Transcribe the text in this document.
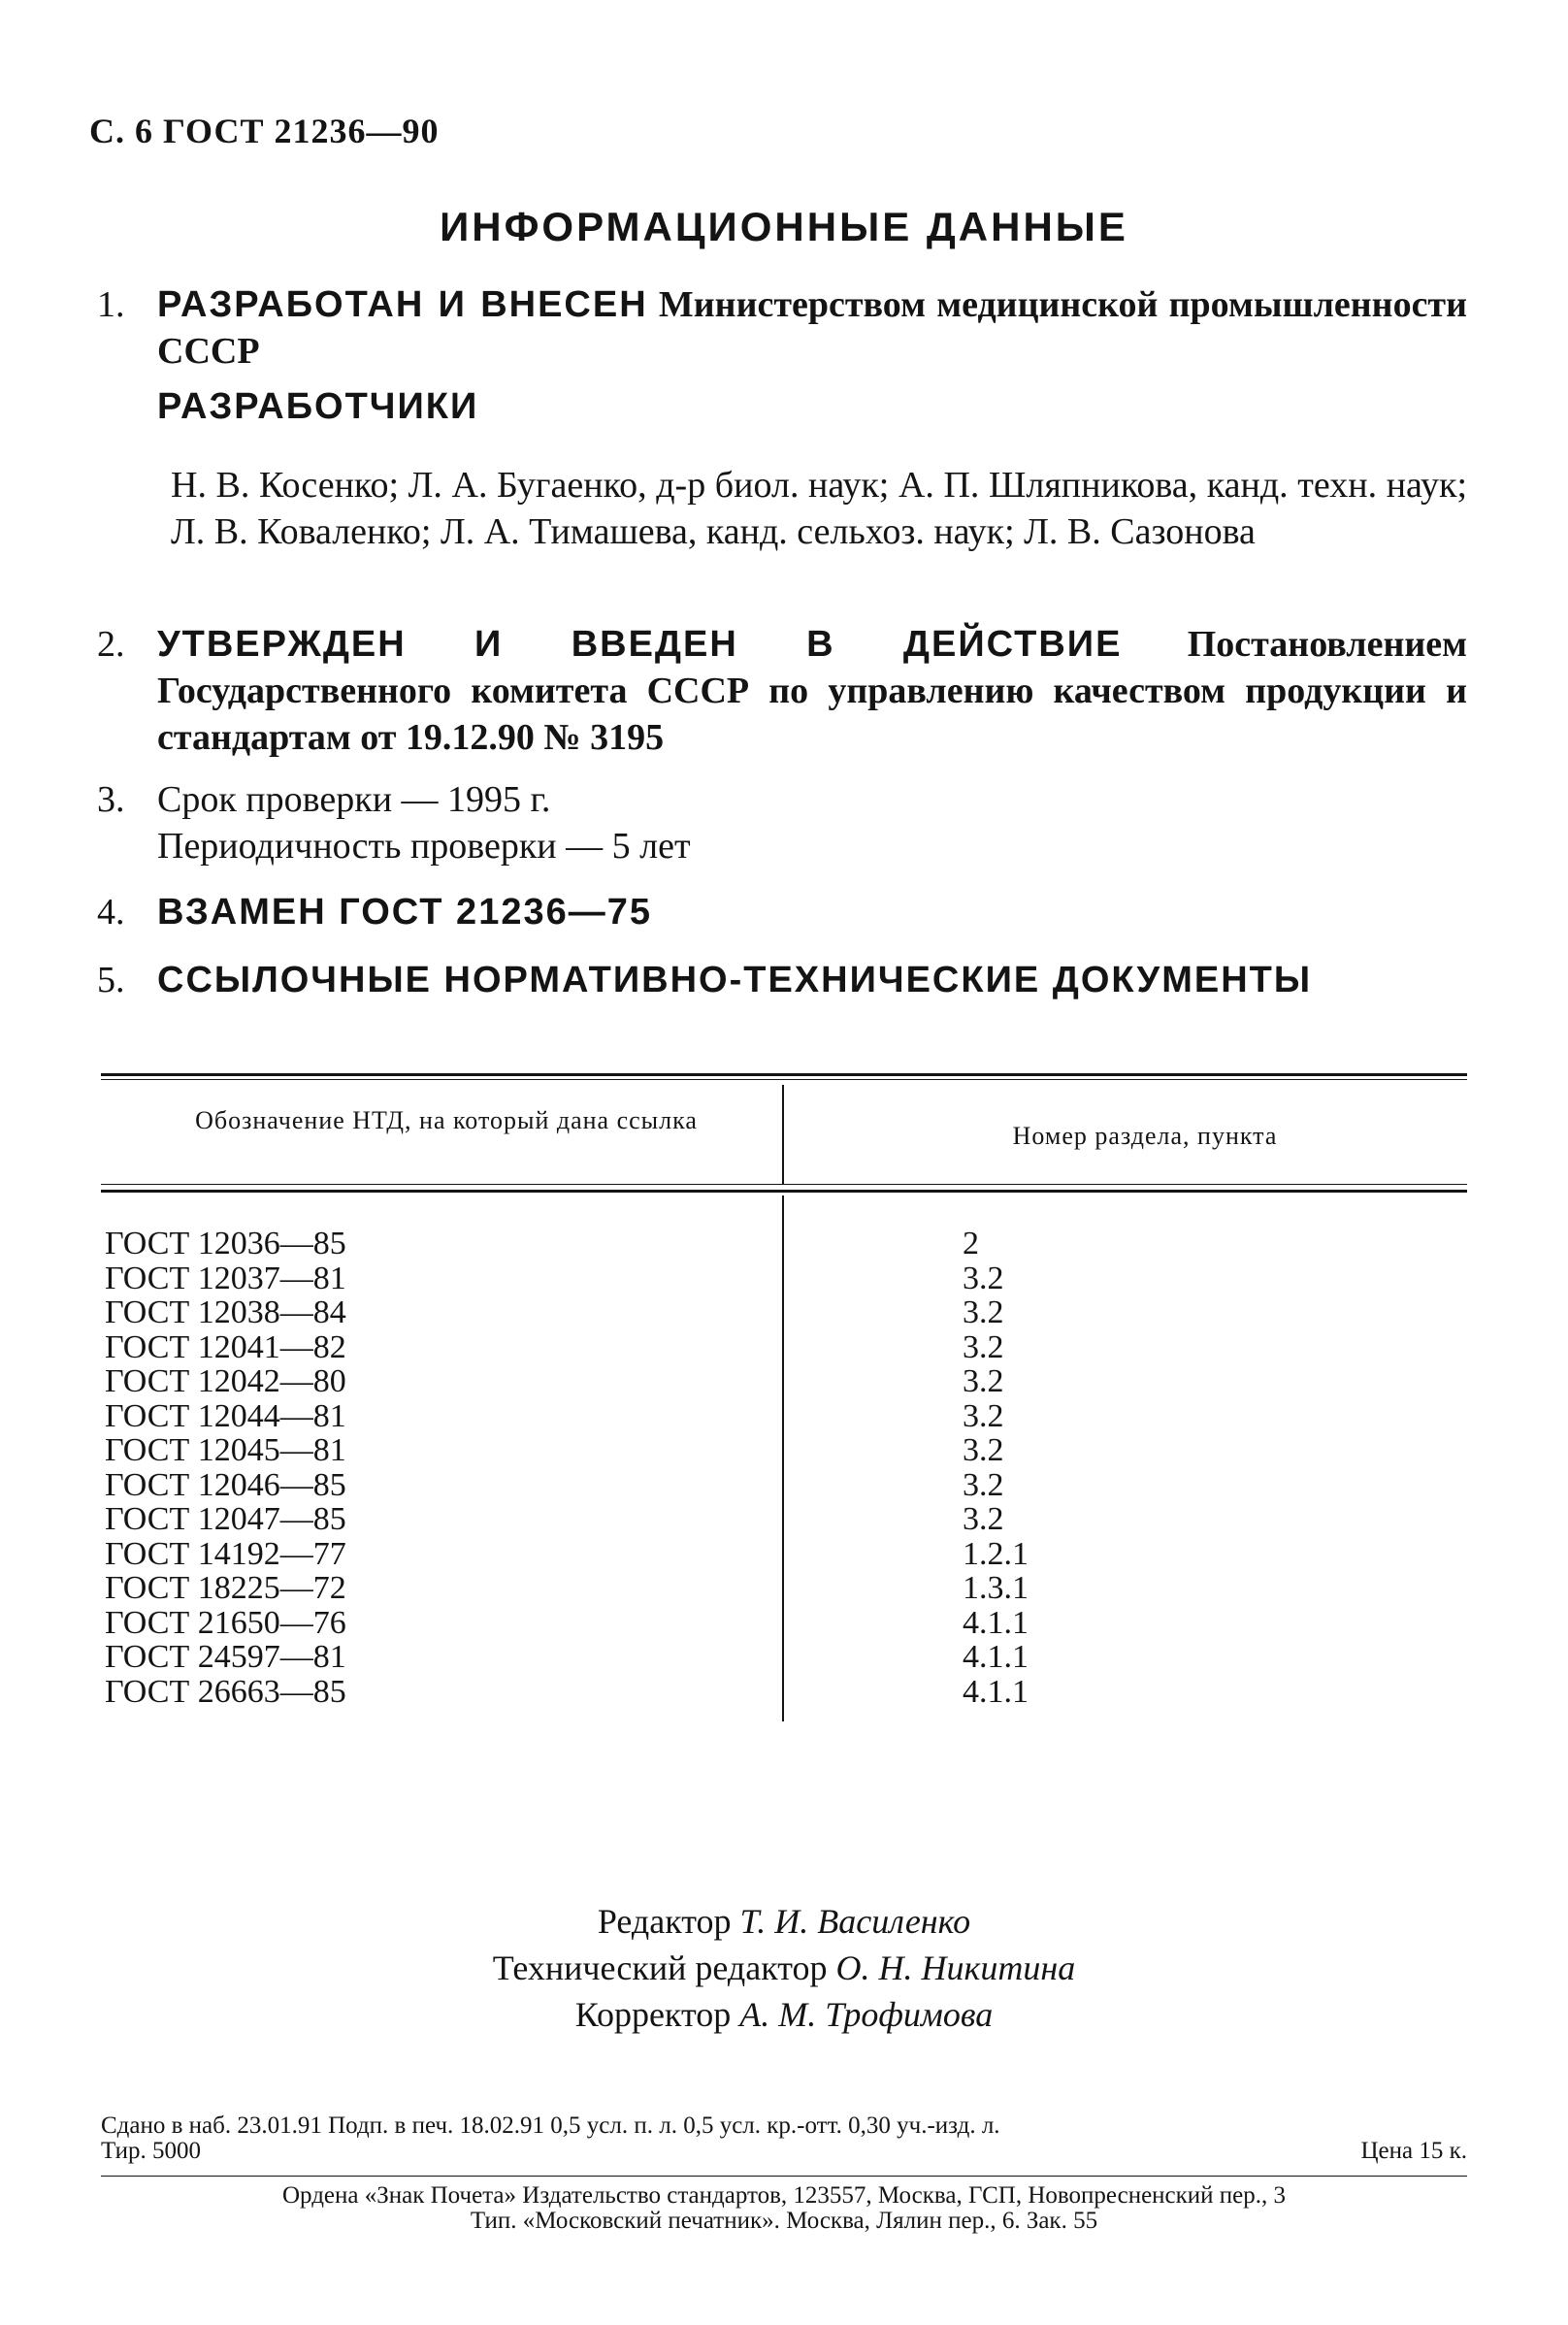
С. 6 ГОСТ 21236—90
ИНФОРМАЦИОННЫЕ ДАННЫЕ
1. РАЗРАБОТАН И ВНЕСЕН Министерством медицинской промышленности СССР
РАЗРАБОТЧИКИ
Н. В. Косенко; Л. А. Бугаенко, д-р биол. наук; А. П. Шляпникова, канд. техн. наук; Л. В. Коваленко; Л. А. Тимашева, канд. сельхоз. наук; Л. В. Сазонова
2. УТВЕРЖДЕН И ВВЕДЕН В ДЕЙСТВИЕ Постановлением Государственного комитета СССР по управлению качеством продукции и стандартам от 19.12.90 № 3195
3. Срок проверки — 1995 г.
Периодичность проверки — 5 лет
4. ВЗАМЕН ГОСТ 21236—75
5. ССЫЛОЧНЫЕ НОРМАТИВНО-ТЕХНИЧЕСКИЕ ДОКУМЕНТЫ
Обозначение НТД, на который дана ссылка
Номер раздела, пункта
ГОСТ 12036—85	2
ГОСТ 12037—81	3.2
ГОСТ 12038—84	3.2
ГОСТ 12041—82	3.2
ГОСТ 12042—80	3.2
ГОСТ 12044—81	3.2
ГОСТ 12045—81	3.2
ГОСТ 12046—85	3.2
ГОСТ 12047—85	3.2
ГОСТ 14192—77	1.2.1
ГОСТ 18225—72	1.3.1
ГОСТ 21650—76	4.1.1
ГОСТ 24597—81	4.1.1
ГОСТ 26663—85	4.1.1
Редактор Т. И. Василенко
Технический редактор О. Н. Никитина
Корректор А. М. Трофимова
Сдано в наб. 23.01.91 Подп. в печ. 18.02.91 0,5 усл. п. л. 0,5 усл. кр.-отт. 0,30 уч.-изд. л.
Тир. 5000	Цена 15 к.
Ордена «Знак Почета» Издательство стандартов, 123557, Москва, ГСП, Новопресненский пер., 3
Тип. «Московский печатник». Москва, Лялин пер., 6. Зак. 55
